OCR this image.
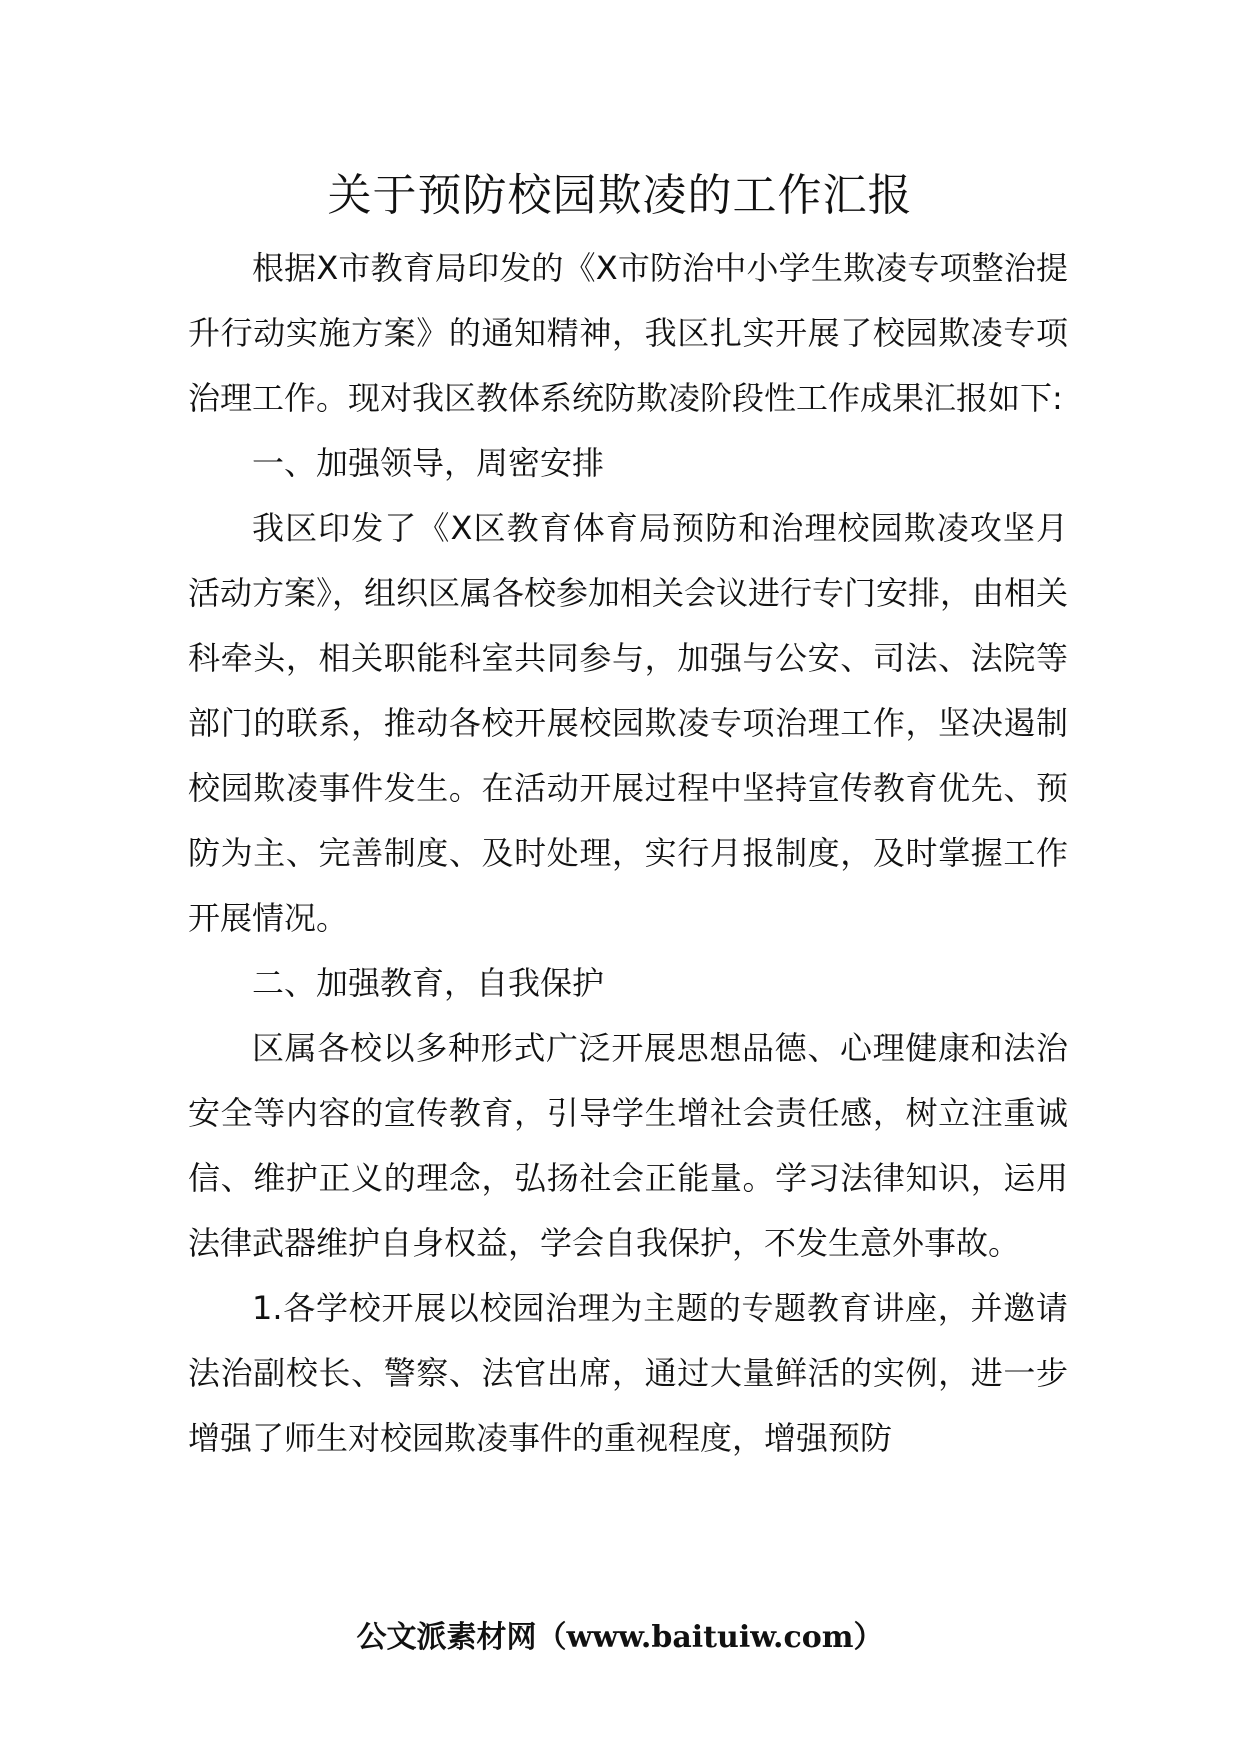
关于预防校园欺凌的工作汇报

根据X市教育局印发的《X市防治中小学生欺凌专项整治提升行动实施方案》的通知精神，我区扎实开展了校园欺凌专项治理工作。现对我区教体系统防欺凌阶段性工作成果汇报如下:

一、加强领导，周密安排

我区印发了《X区教育体育局预防和治理校园欺凌攻坚月活动方案》，组织区属各校参加相关会议进行专门安排，由相关科牵头，相关职能科室共同参与，加强与公安、司法、法院等部门的联系，推动各校开展校园欺凌专项治理工作，坚决遏制校园欺凌事件发生。在活动开展过程中坚持宣传教育优先、预防为主、完善制度、及时处理，实行月报制度，及时掌握工作开展情况。

二、加强教育，自我保护

区属各校以多种形式广泛开展思想品德、心理健康和法治安全等内容的宣传教育，引导学生增社会责任感，树立注重诚信、维护正义的理念，弘扬社会正能量。学习法律知识，运用法律武器维护自身权益，学会自我保护，不发生意外事故。

1.各学校开展以校园治理为主题的专题教育讲座，并邀请法治副校长、警察、法官出席，通过大量鲜活的实例，进一步增强了师生对校园欺凌事件的重视程度，增强预防

公文派素材网（www.baituiw.com）
